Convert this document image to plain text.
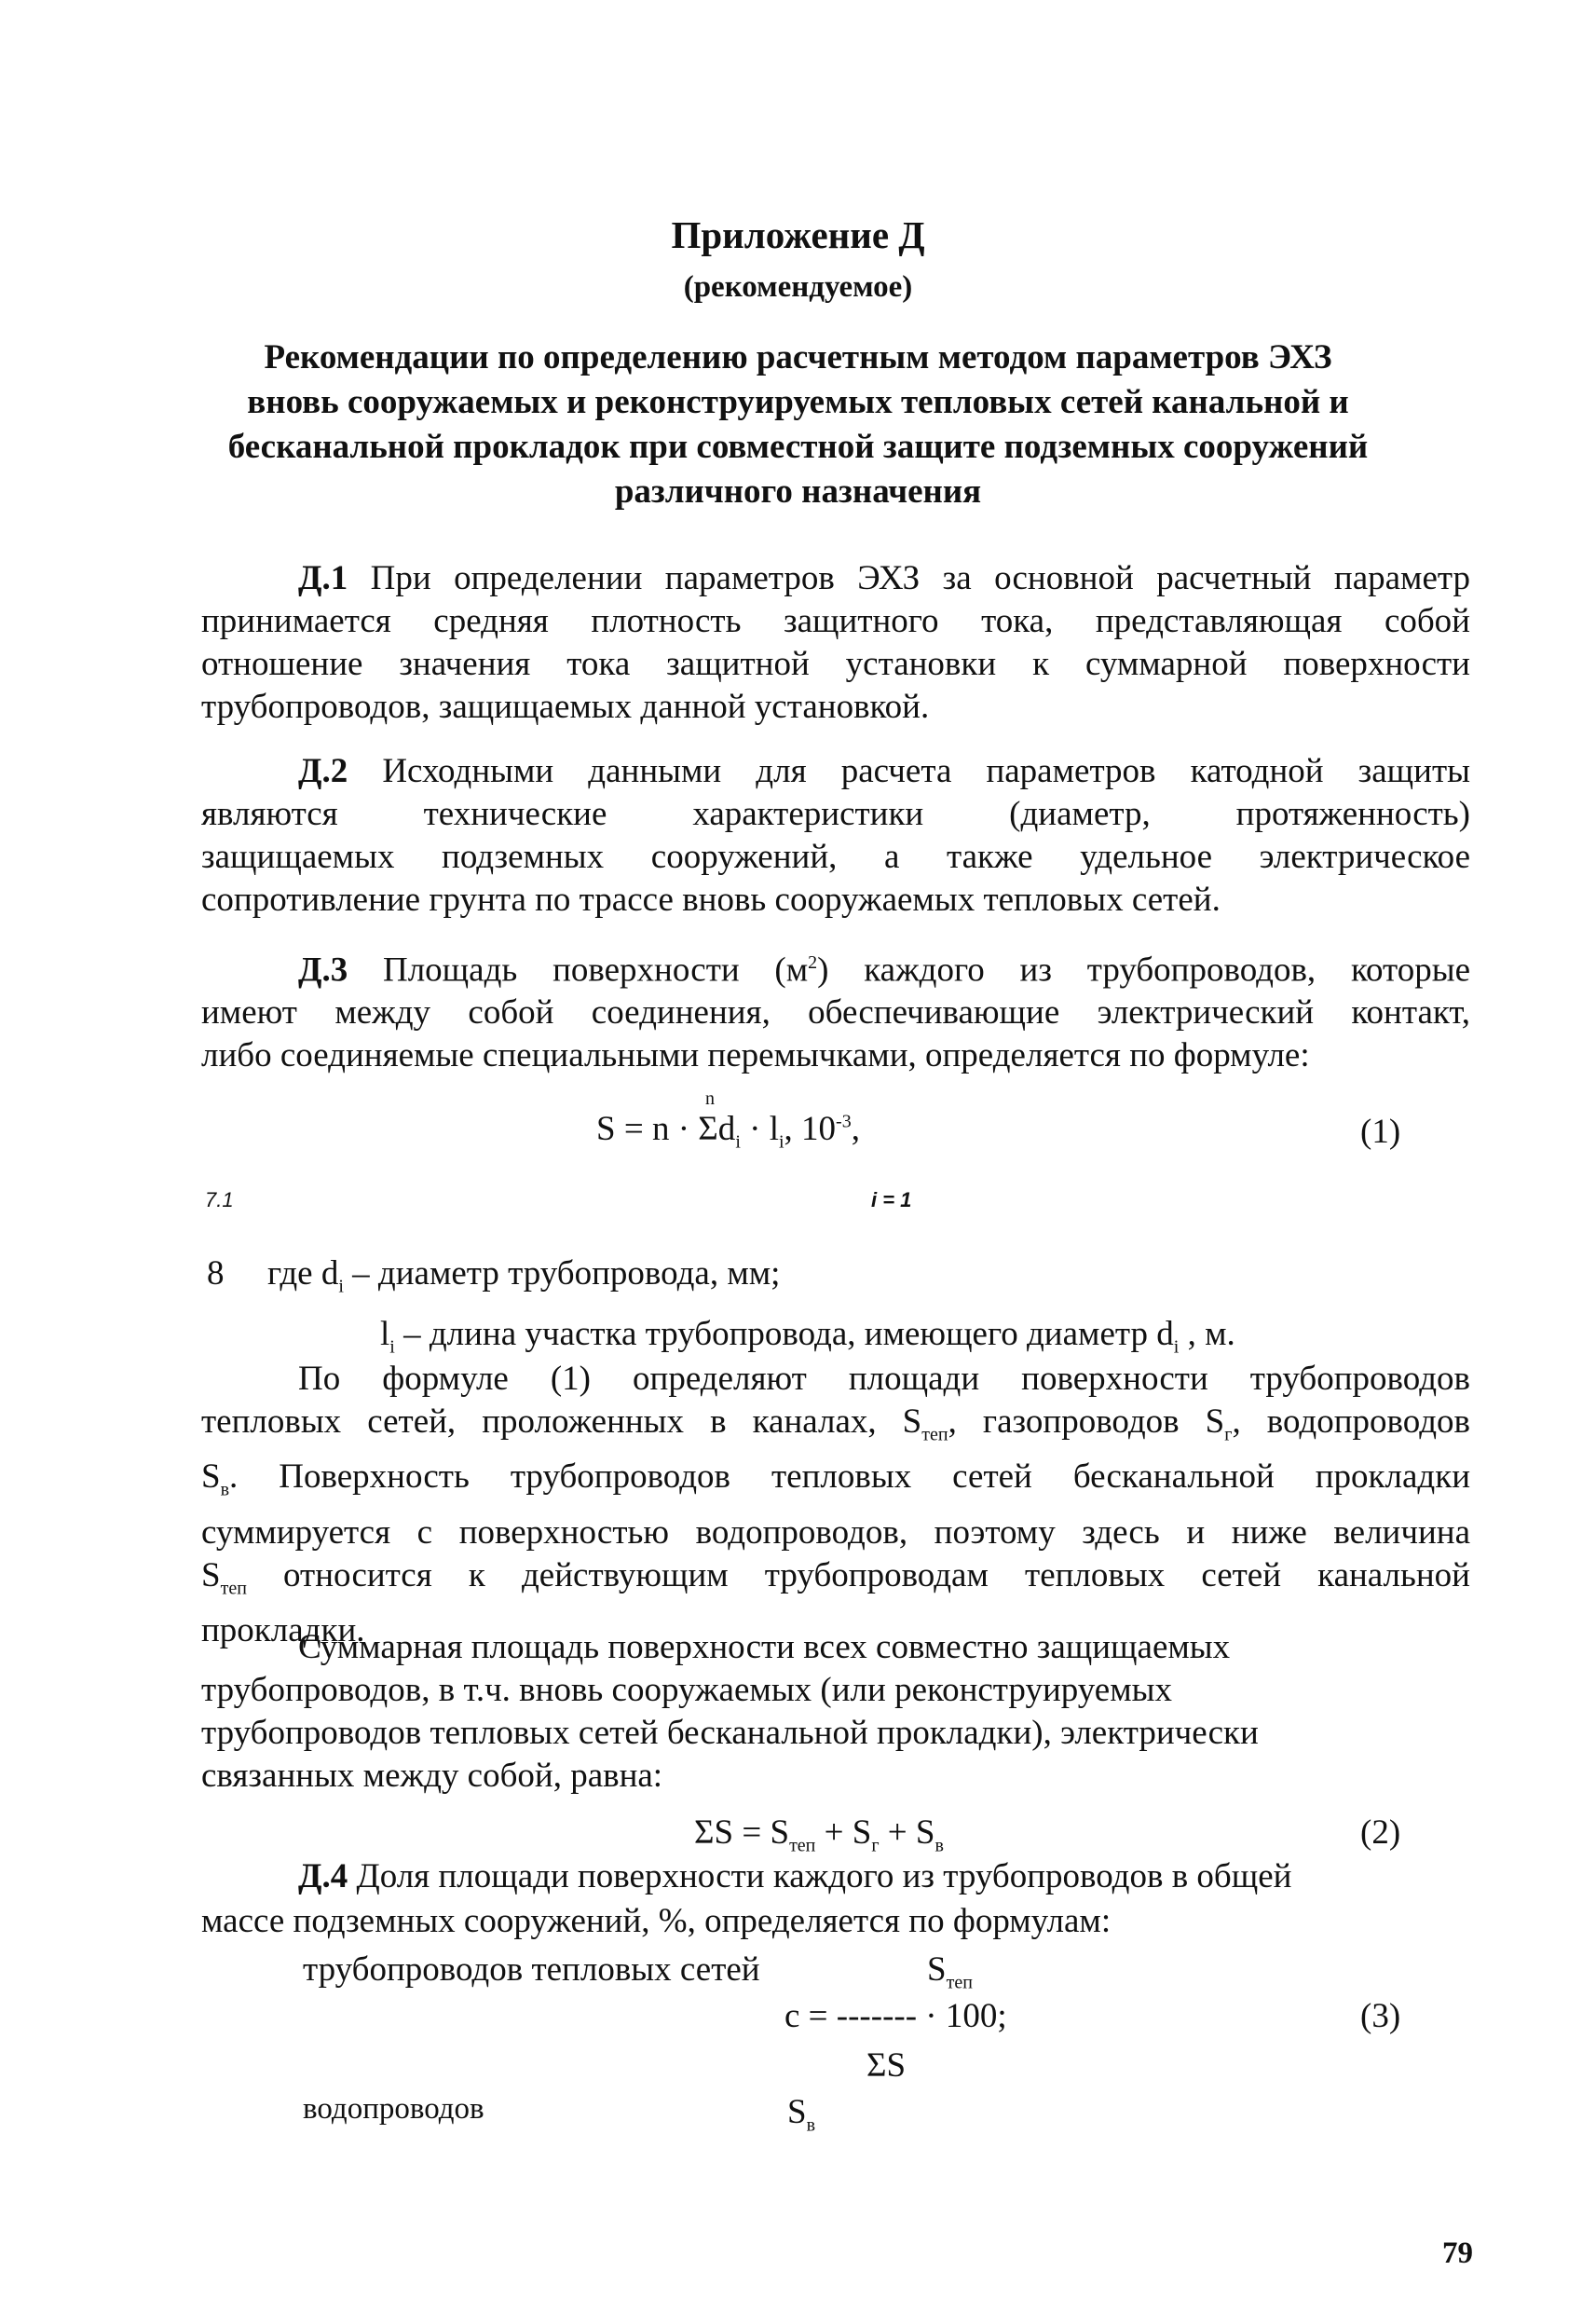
Приложение Д
(рекомендуемое)
Рекомендации по определению расчетным методом параметров ЭХЗ
вновь сооружаемых и реконструируемых тепловых сетей канальной и
бесканальной прокладок при совместной защите подземных сооружений
различного назначения
Д.1 При определении параметров ЭХЗ за основной расчетный параметр
принимается средняя плотность защитного тока, представляющая собой
отношение значения тока защитной установки к суммарной поверхности
трубопроводов, защищаемых данной установкой.
Д.2 Исходными данными для расчета параметров катодной защиты
являются технические характеристики (диаметр, протяженность)
защищаемых подземных сооружений, а также удельное электрическое
сопротивление грунта по трассе вновь сооружаемых тепловых сетей.
Д.3 Площадь поверхности $(м^2)$ каждого из трубопроводов, которые
имеют между собой соединения, обеспечивающие электрический контакт,
либо соединяемые специальными перемычками, определяется по формуле:
n
$S = n \cdot \Sigma d_i \cdot l_i$, $10^{-3}$,	(1)
7.1	i = 1
8 где $d_i$ – диаметр трубопровода, мм;
$l_i$ – длина участка трубопровода, имеющего диаметр $d_i$ , м.
По формуле (1) определяют площади поверхности трубопроводов
тепловых сетей, проложенных в каналах, $S_{теп}$, газопроводов $S_г$, водопроводов
$S_в$. Поверхность трубопроводов тепловых сетей бесканальной прокладки
суммируется с поверхностью водопроводов, поэтому здесь и ниже величина
$S_{теп}$ относится к действующим трубопроводам тепловых сетей канальной
прокладки.
Суммарная площадь поверхности всех совместно защищаемых
трубопроводов, в т.ч. вновь сооружаемых (или реконструируемых
трубопроводов тепловых сетей бесканальной прокладки), электрически
связанных между собой, равна:
$\Sigma S = S_{теп} + S_г + S_в$	(2)
Д.4 Доля площади поверхности каждого из трубопроводов в общей
массе подземных сооружений, %, определяется по формулам:
трубопроводов тепловых сетей	$S_{теп}$
c = ------- · 100;	(3)
ΣS
водопроводов	$S_в$
79
